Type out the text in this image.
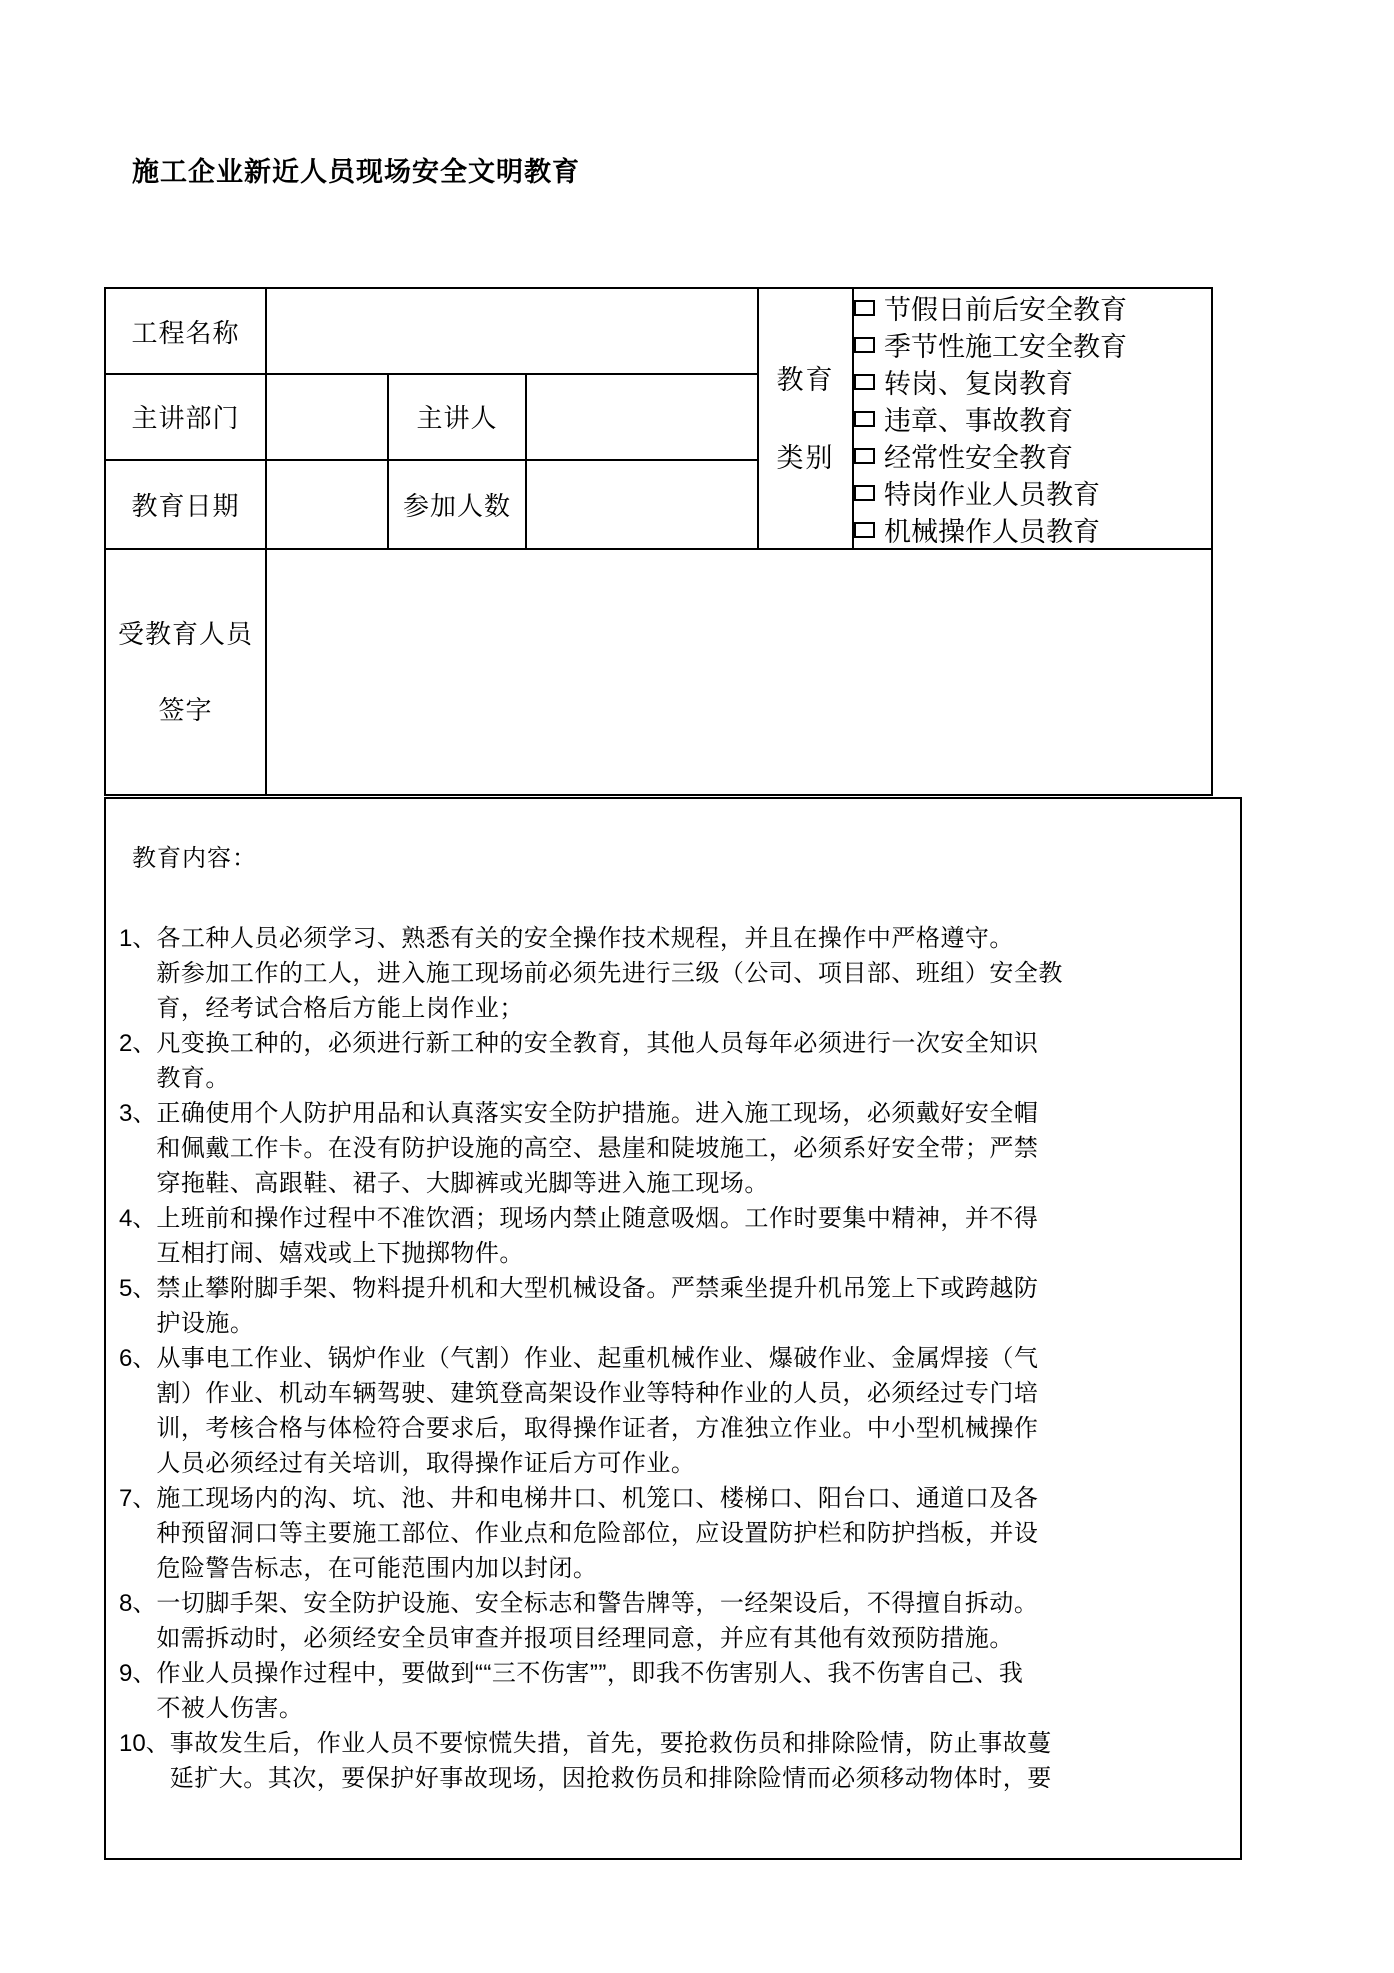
施工企业新近人员现场安全文明教育
工程名称		
教育
类别

节假日前后安全教育
季节性施工安全教育
转岗、复岗教育
违章、事故教育
经常性安全教育
特岗作业人员教育
机械操作人员教育

主讲部门		主讲人			
教育日期		参加人数			

受教育人员
签字					

教育内容：
1、 各工种人员必须学习、熟悉有关的安全操作技术规程，并且在操作中严格遵守。
新参加工作的工人，进入施工现场前必须先进行三级（公司、项目部、班组）安全教
育，经考试合格后方能上岗作业；
2、 凡变换工种的，必须进行新工种的安全教育，其他人员每年必须进行一次安全知识
教育。
3、 正确使用个人防护用品和认真落实安全防护措施。进入施工现场，必须戴好安全帽
和佩戴工作卡。在没有防护设施的高空、悬崖和陡坡施工，必须系好安全带；严禁
穿拖鞋、高跟鞋、裙子、大脚裤或光脚等进入施工现场。
4、 上班前和操作过程中不准饮酒；现场内禁止随意吸烟。工作时要集中精神，并不得
互相打闹、嬉戏或上下抛掷物件。
5、 禁止攀附脚手架、物料提升机和大型机械设备。严禁乘坐提升机吊笼上下或跨越防
护设施。
6、 从事电工作业、锅炉作业（气割）作业、起重机械作业、爆破作业、金属焊接（气
割）作业、机动车辆驾驶、建筑登高架设作业等特种作业的人员，必须经过专门培
训，考核合格与体检符合要求后，取得操作证者，方准独立作业。中小型机械操作
人员必须经过有关培训，取得操作证后方可作业。
7、 施工现场内的沟、坑、池、井和电梯井口、机笼口、楼梯口、阳台口、通道口及各
种预留洞口等主要施工部位、作业点和危险部位，应设置防护栏和防护挡板，并设
危险警告标志，在可能范围内加以封闭。
8、 一切脚手架、安全防护设施、安全标志和警告牌等，一经架设后，不得擅自拆动。
如需拆动时，必须经安全员审查并报项目经理同意，并应有其他有效预防措施。
9、 作业人员操作过程中，要做到““三不伤害””，即我不伤害别人、我不伤害自己、我
不被人伤害。
10、 事故发生后，作业人员不要惊慌失措，首先，要抢救伤员和排除险情，防止事故蔓
延扩大。其次，要保护好事故现场，因抢救伤员和排除险情而必须移动物体时，要
